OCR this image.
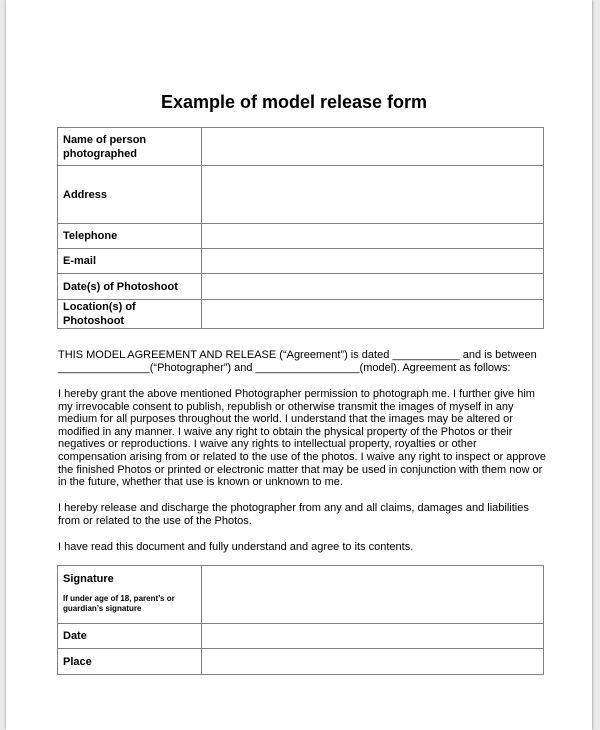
Example of model release form
Name of person photographed	
Address	
Telephone	
E-mail	
Date(s) of Photoshoot	
Location(s) of Photoshoot	

THIS MODEL AGREEMENT AND RELEASE (“Agreement”) is dated ___________ and is between _______________(“Photographer”) and _________________(model). Agreement as follows:

I hereby grant the above mentioned Photographer permission to photograph me. I further give him my irrevocable consent to publish, republish or otherwise transmit the images of myself in any medium for all purposes throughout the world. I understand that the images may be altered or modified in any manner. I waive any right to obtain the physical property of the Photos or their negatives or reproductions. I waive any rights to intellectual property, royalties or other compensation arising from or related to the use of the photos. I waive any right to inspect or approve the finished Photos or printed or electronic matter that may be used in conjunction with them now or in the future, whether that use is known or unknown to me.

I hereby release and discharge the photographer from any and all claims, damages and liabilities from or related to the use of the Photos.

I have read this document and fully understand and agree to its contents.

Signature
If under age of 18, parent’s or guardian’s signature	

Date	
Place	
